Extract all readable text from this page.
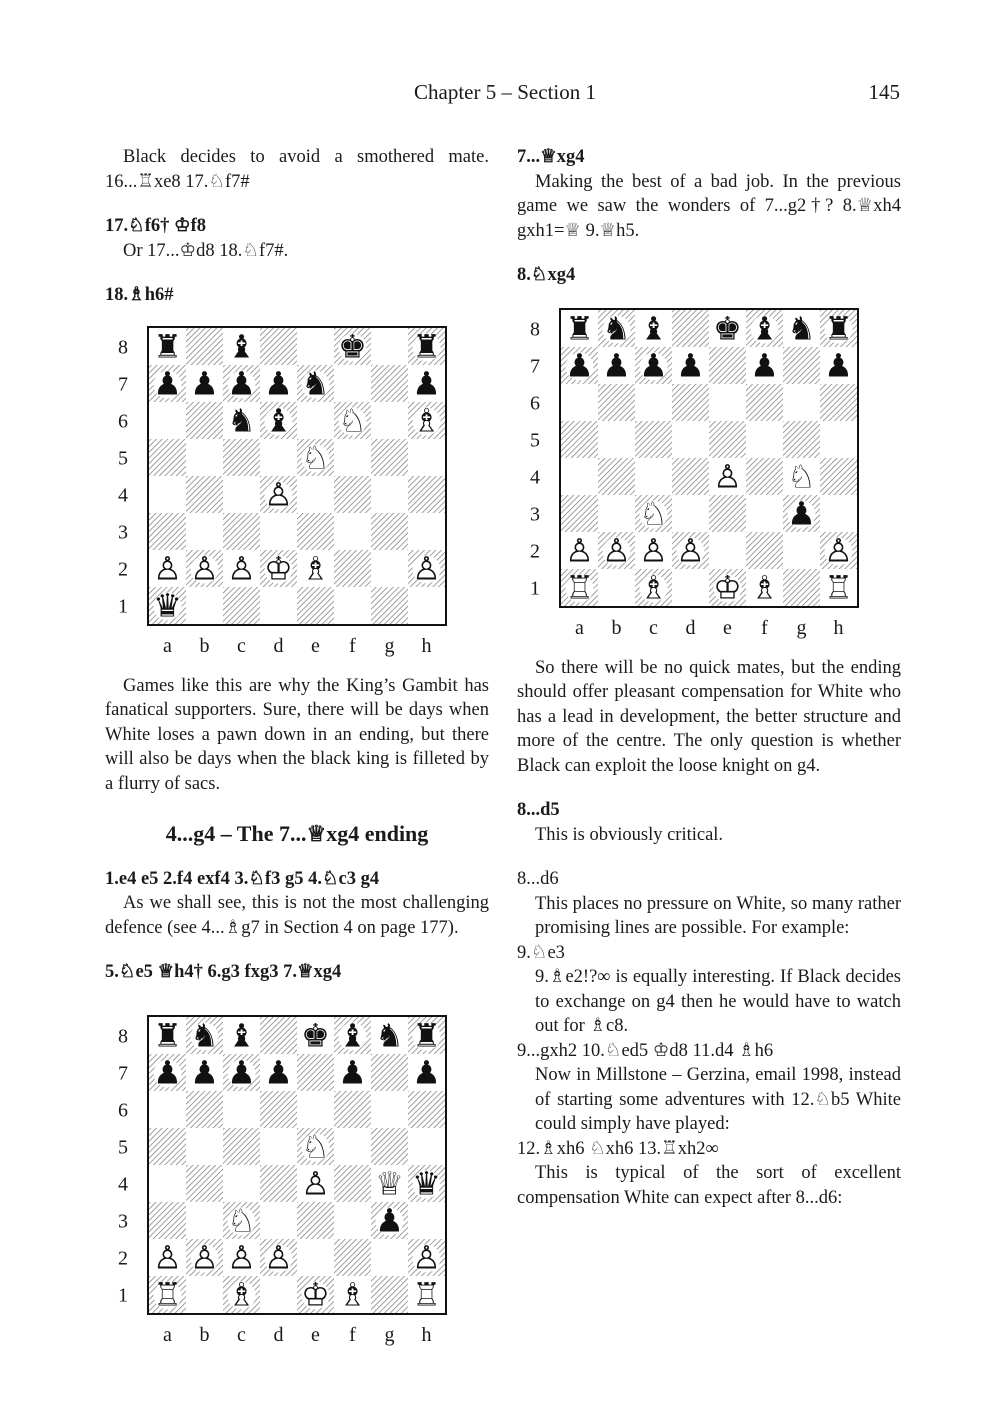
Chapter 5 – Section 1	145

Black decides to avoid a smothered mate. 16...♖xe8 17.♘f7#

17.♘f6† ♔f8

Or 17...♔d8 18.♘f7#.

18.♗h6#

♜ ♝	♚ ♜
♟ ♟ ♟ ♟ ♞	♟
♞ ♝ ♘ ♗
♘
♙
♙ ♙ ♙ ♔ ♗	♙
♛
8
7
6
5
4
3
2
1
a b c d e f g h

Games like this are why the King’s Gambit has fanatical supporters. Sure, there will be days when White loses a pawn down in an ending, but there will also be days when the black king is filleted by a flurry of sacs.

4...g4 – The 7...♕xg4 ending

1.e4 e5 2.f4 exf4 3.♘f3 g5 4.♘c3 g4

As we shall see, this is not the most challenging defence (see 4...♗g7 in Section 4 on page 177).

5.♘e5 ♕h4† 6.g3 fxg3 7.♕xg4

♜ ♞ ♝ ♚ ♝ ♞ ♜
♟ ♟ ♟ ♟ ♟ ♟
♘
♙ ♕ ♛
♘	♟
♙ ♙ ♙ ♙	♙
♖ ♗ ♔ ♗ ♖
8
7
6
5
4
3
2
1
a b c d e f g h

7...♕xg4

Making the best of a bad job. In the previous game we saw the wonders of 7...g2†? 8.♕xh4 gxh1=♕ 9.♕h5.

8.♘xg4

♜ ♞ ♝ ♚ ♝ ♞ ♜
♟ ♟ ♟ ♟ ♟ ♟
♙ ♘
♘	♟
♙ ♙ ♙ ♙	♙
♖ ♗ ♔ ♗ ♖
8
7
6
5
4
3
2
1
a b c d e f g h

So there will be no quick mates, but the ending should offer pleasant compensation for White who has a lead in development, the better structure and more of the centre. The only question is whether Black can exploit the loose knight on g4.

8...d5

This is obviously critical.

8...d6

This places no pressure on White, so many rather promising lines are possible. For example:

9.♘e3

9.♗e2!?∞ is equally interesting. If Black decides to exchange on g4 then he would have to watch out for ♗c8.

9...gxh2 10.♘ed5 ♔d8 11.d4 ♗h6

Now in Millstone – Gerzina, email 1998, instead of starting some adventures with 12.♘b5 White could simply have played:

12.♗xh6 ♘xh6 13.♖xh2∞

This is typical of the sort of excellent compensation White can expect after 8...d6:
